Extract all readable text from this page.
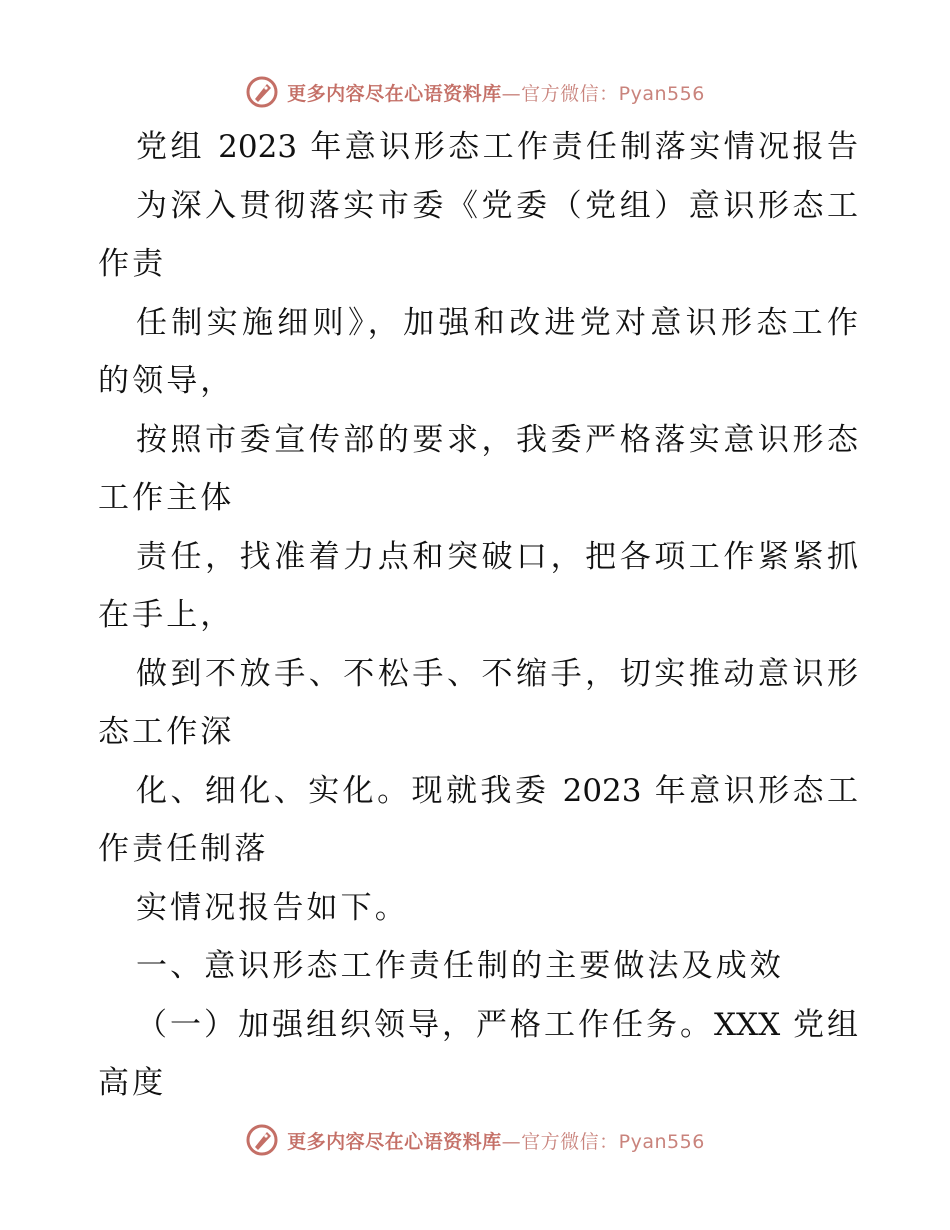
更多内容尽在心语资料库—官方微信：Pyan556
党组 2023 年意识形态工作责任制落实情况报告
为深入贯彻落实市委《党委（党组）意识形态工
作责
任制实施细则》，加强和改进党对意识形态工作
的领导，
按照市委宣传部的要求，我委严格落实意识形态
工作主体
责任，找准着力点和突破口，把各项工作紧紧抓
在手上，
做到不放手、不松手、不缩手，切实推动意识形
态工作深
化、细化、实化。现就我委 2023 年意识形态工
作责任制落
实情况报告如下。
一、意识形态工作责任制的主要做法及成效
（一）加强组织领导，严格工作任务。XXX 党组
高度
更多内容尽在心语资料库—官方微信：Pyan556
